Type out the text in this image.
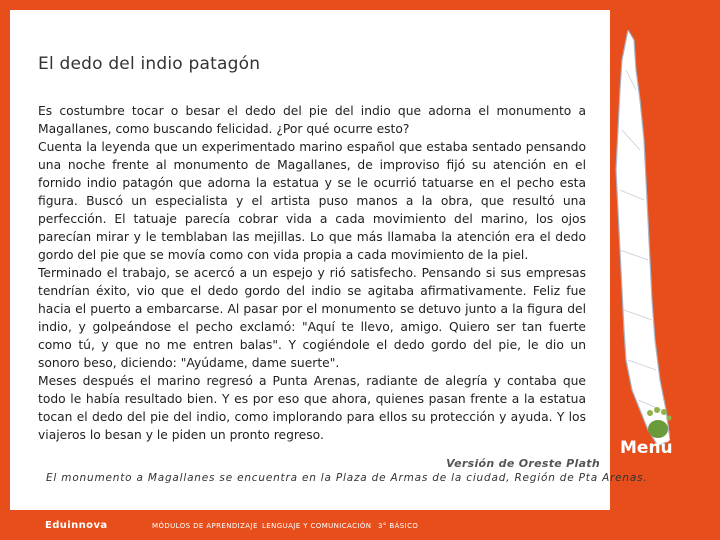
El dedo del indio patagón

Es costumbre tocar o besar el dedo del pie del indio que adorna el monumento a Magallanes, como buscando felicidad. ¿Por qué ocurre esto?

Cuenta la leyenda que un experimentado marino español que estaba sentado pensando una noche frente al monumento de Magallanes, de improviso fijó su atención en el fornido indio patagón que adorna la estatua y se le ocurrió tatuarse en el pecho esta figura. Buscó un especialista y el artista puso manos a la obra, que resultó una perfección. El tatuaje parecía cobrar vida a cada movimiento del marino, los ojos parecían mirar y le temblaban las mejillas. Lo que más llamaba la atención era el dedo gordo del pie que se movía como con vida propia a cada movimiento de la piel.

Terminado el trabajo, se acercó a un espejo y rió satisfecho. Pensando si sus empresas tendrían éxito, vio que el dedo gordo del indio se agitaba afirmativamente. Feliz fue hacia el puerto a embarcarse. Al pasar por el monumento se detuvo junto a la figura del indio, y golpeándose el pecho exclamó: "Aquí te llevo, amigo. Quiero ser tan fuerte como tú, y que no me entren balas". Y cogiéndole el dedo gordo del pie, le dio un sonoro beso, diciendo: "Ayúdame, dame suerte".

Meses después el marino regresó a Punta Arenas, radiante de alegría y contaba que todo le había resultado bien. Y es por eso que ahora, quienes pasan frente a la estatua tocan el dedo del pie del indio, como implorando para ellos su protección y ayuda. Y los viajeros lo besan y le piden un pronto regreso.

Versión de Oreste Plath
El monumento a Magallanes se encuentra en la Plaza de Armas de la ciudad, Región de Pta Arenas.
Menú
Eduinnova	MÓDULOS DE APRENDIZAJE LENGUAJE Y COMUNICACIÓN 3° BÁSICO
